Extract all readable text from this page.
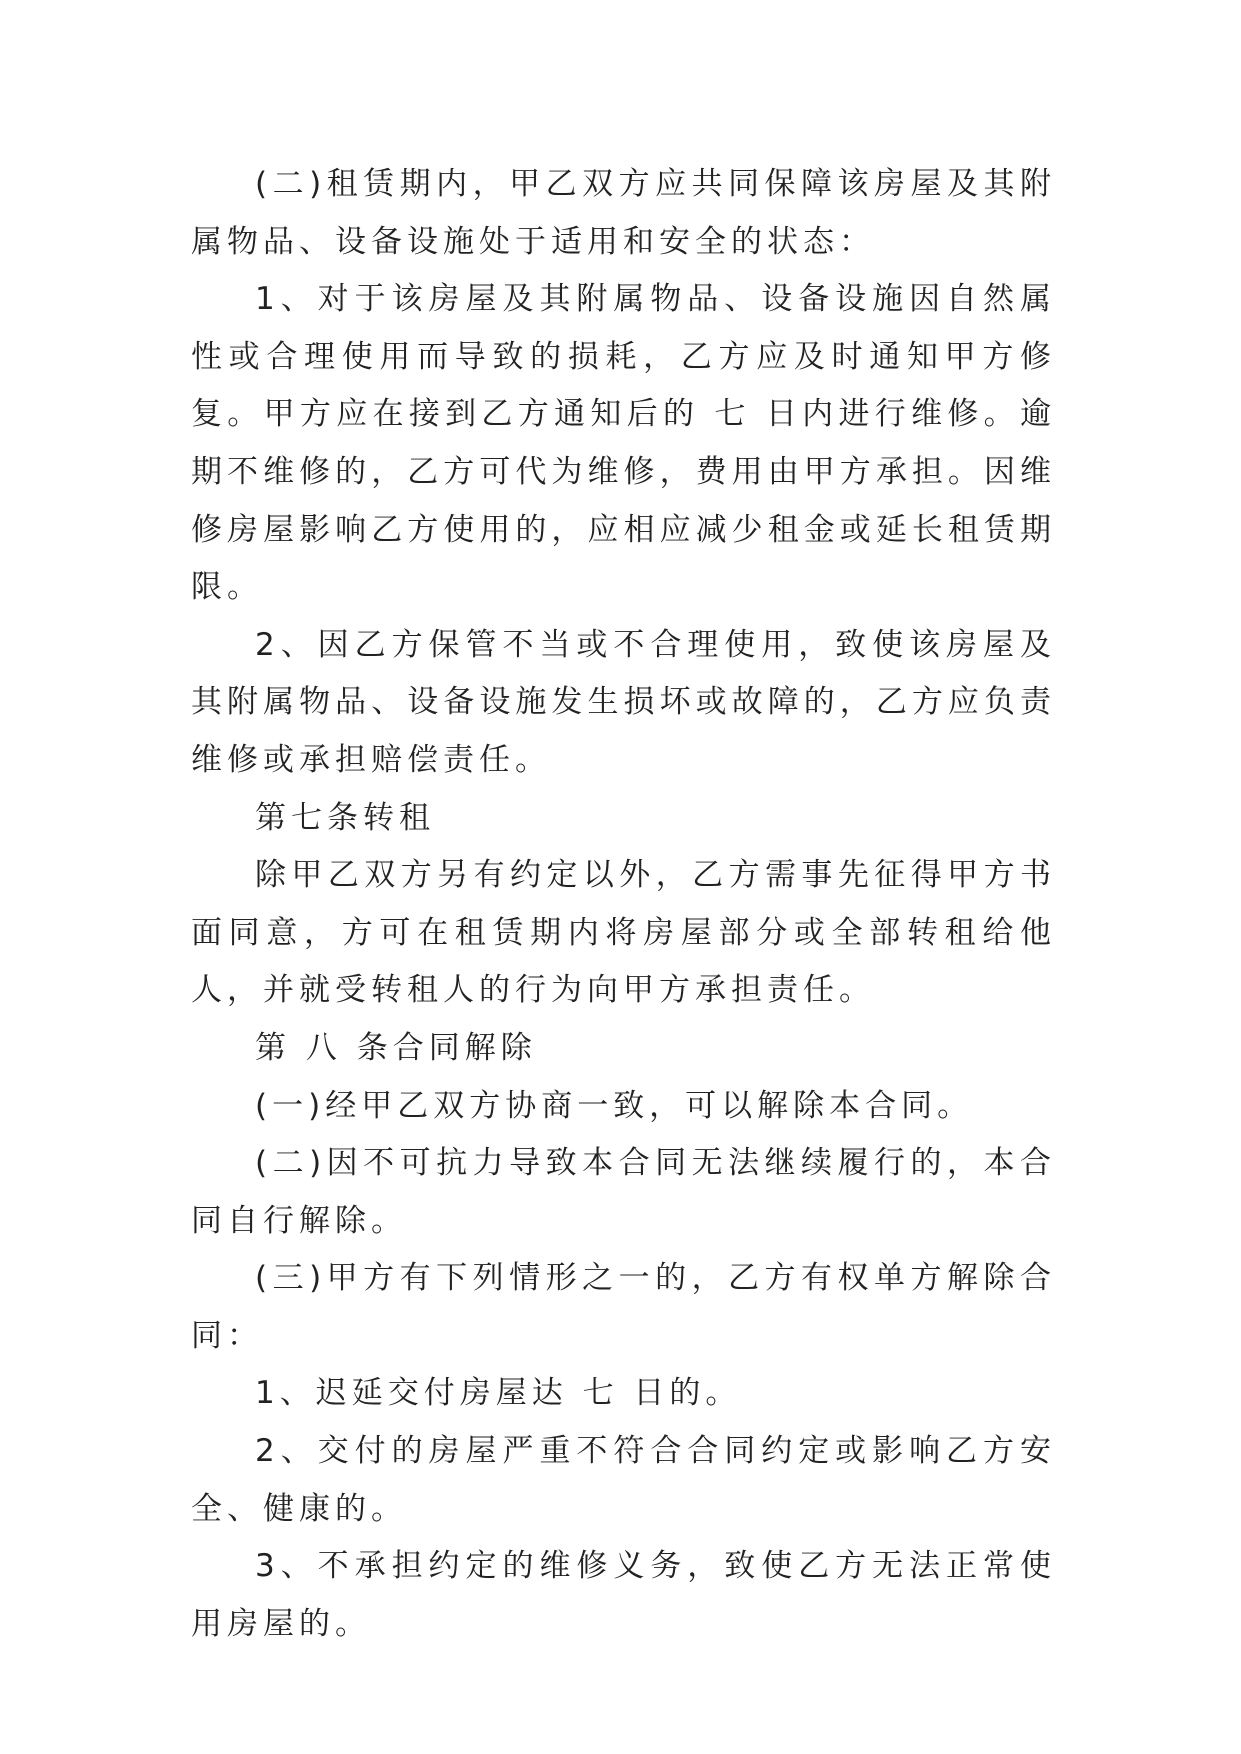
(二)租赁期内，甲乙双方应共同保障该房屋及其附属物品、设备设施处于适用和安全的状态：

1、对于该房屋及其附属物品、设备设施因自然属性或合理使用而导致的损耗，乙方应及时通知甲方修复。甲方应在接到乙方通知后的 七 日内进行维修。逾期不维修的，乙方可代为维修，费用由甲方承担。因维修房屋影响乙方使用的，应相应减少租金或延长租赁期限。

2、因乙方保管不当或不合理使用，致使该房屋及其附属物品、设备设施发生损坏或故障的，乙方应负责维修或承担赔偿责任。

第七条转租

除甲乙双方另有约定以外，乙方需事先征得甲方书面同意，方可在租赁期内将房屋部分或全部转租给他人，并就受转租人的行为向甲方承担责任。

第 八 条合同解除

(一)经甲乙双方协商一致，可以解除本合同。

(二)因不可抗力导致本合同无法继续履行的，本合同自行解除。

(三)甲方有下列情形之一的，乙方有权单方解除合同：

1、迟延交付房屋达 七 日的。

2、交付的房屋严重不符合合同约定或影响乙方安全、健康的。

3、不承担约定的维修义务，致使乙方无法正常使用房屋的。
